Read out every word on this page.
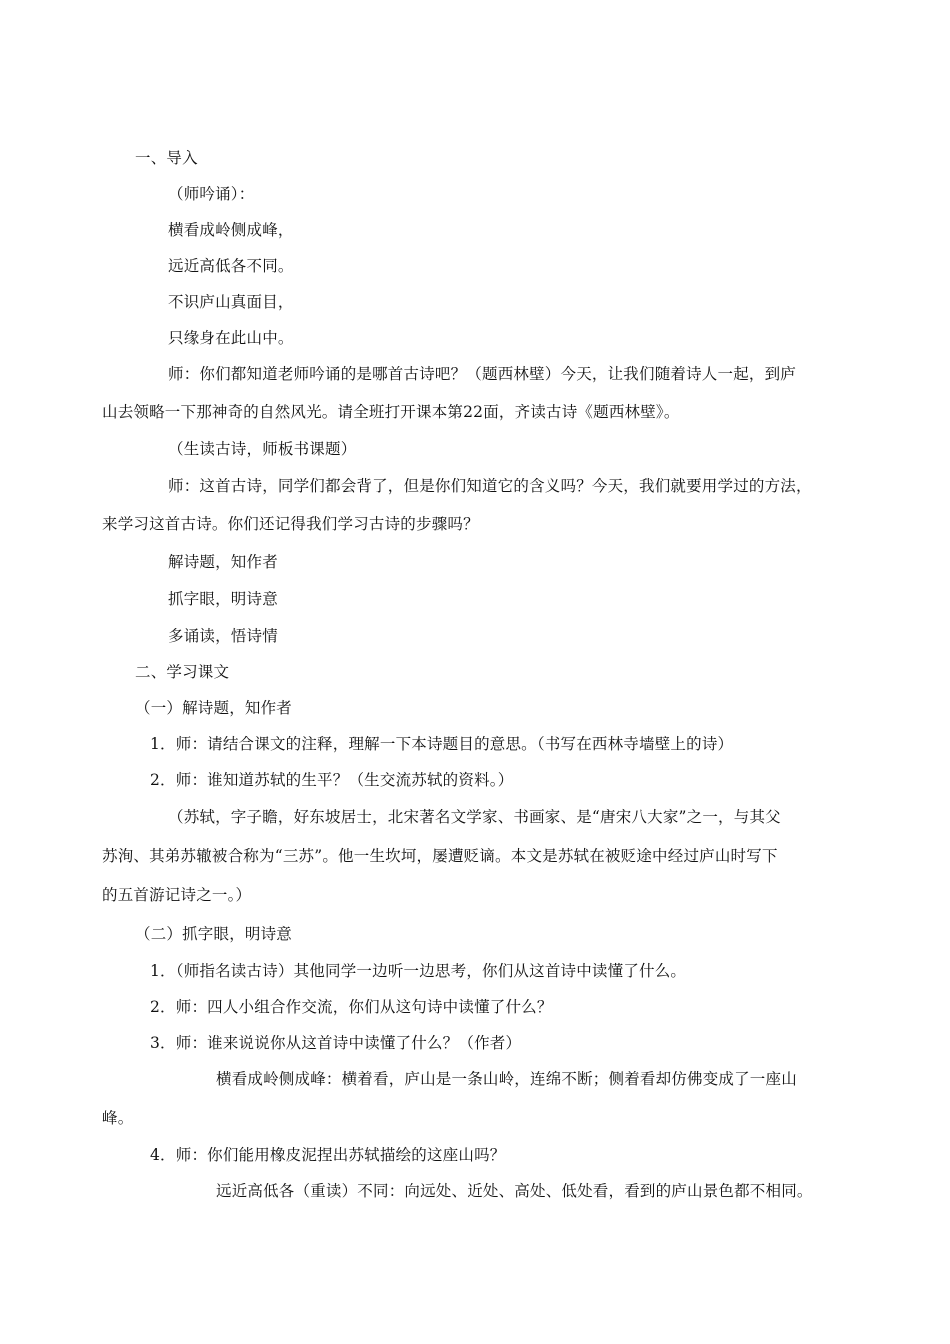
一、导入
（师吟诵）：
横看成岭侧成峰，
远近高低各不同。
不识庐山真面目，
只缘身在此山中。
师：你们都知道老师吟诵的是哪首古诗吧？（题西林壁）今天，让我们随着诗人一起，到庐
山去领略一下那神奇的自然风光。请全班打开课本第22面，齐读古诗《题西林壁》。
（生读古诗，师板书课题）
师：这首古诗，同学们都会背了，但是你们知道它的含义吗？今天，我们就要用学过的方法，
来学习这首古诗。你们还记得我们学习古诗的步骤吗？
解诗题，知作者
抓字眼，明诗意
多诵读，悟诗情
二、学习课文
（一）解诗题，知作者
1．师：请结合课文的注释，理解一下本诗题目的意思。（书写在西林寺墙壁上的诗）
2．师：谁知道苏轼的生平？（生交流苏轼的资料。）
（苏轼，字子瞻，好东坡居士，北宋著名文学家、书画家、是“唐宋八大家”之一，与其父
苏洵、其弟苏辙被合称为“三苏”。他一生坎坷，屡遭贬谪。本文是苏轼在被贬途中经过庐山时写下
的五首游记诗之一。）
（二）抓字眼，明诗意
1．（师指名读古诗）其他同学一边听一边思考，你们从这首诗中读懂了什么。
2．师：四人小组合作交流，你们从这句诗中读懂了什么？
3．师：谁来说说你从这首诗中读懂了什么？（作者）
横看成岭侧成峰：横着看，庐山是一条山岭，连绵不断；侧着看却仿佛变成了一座山
峰。
4．师：你们能用橡皮泥捏出苏轼描绘的这座山吗？
远近高低各（重读）不同：向远处、近处、高处、低处看，看到的庐山景色都不相同。
